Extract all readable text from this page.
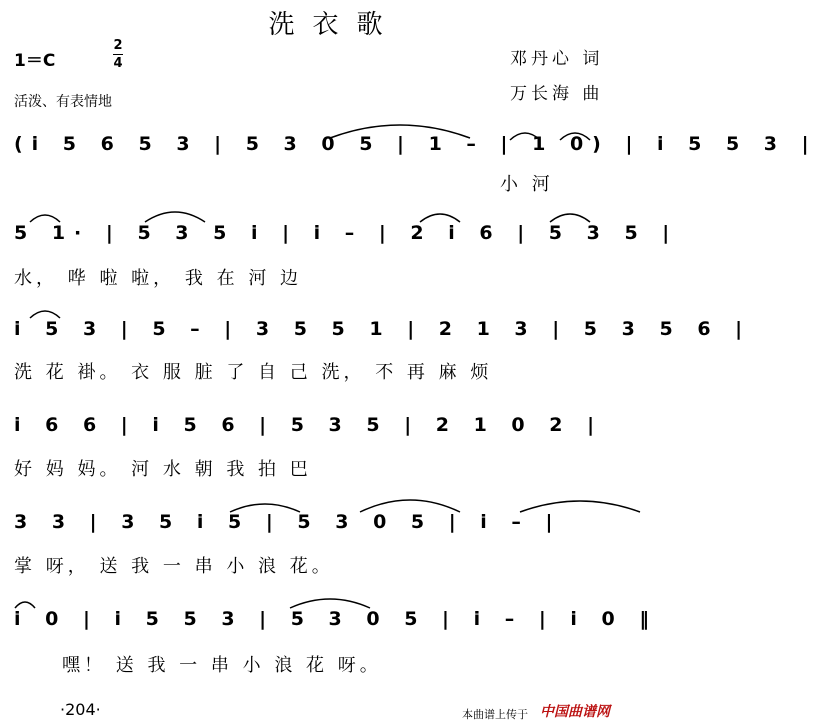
洗衣歌
1＝C
2
4
活泼、有表情地
邓丹心 词
万长海 曲
(i 5 6 5 3 | 5 3 0 5 | 1 – | 1 0) | i 5 5 3 |
小 河
5 1· | 5 3 5 i | i – | 2 i 6 | 5 3 5 |
水， 哗 啦 啦， 我 在 河 边
i 5 3 | 5 – | 3 5 5 1 | 2 1 3 | 5 3 5 6 |
洗 花 褂。 衣 服 脏 了 自 己 洗， 不 再 麻 烦
i 6 6 | i 5 6 | 5 3 5 | 2 1 0 2 |
好 妈 妈。 河 水 朝 我 拍 巴
3 3 | 3 5 i 5 | 5 3 0 5 | i – |
掌 呀， 送 我 一 串 小 浪 花。
i 0 | i 5 5 3 | 5 3 0 5 | i – | i 0 ‖
嘿！ 送 我 一 串 小 浪 花 呀。
·204·	本曲谱上传于 中国曲谱网
